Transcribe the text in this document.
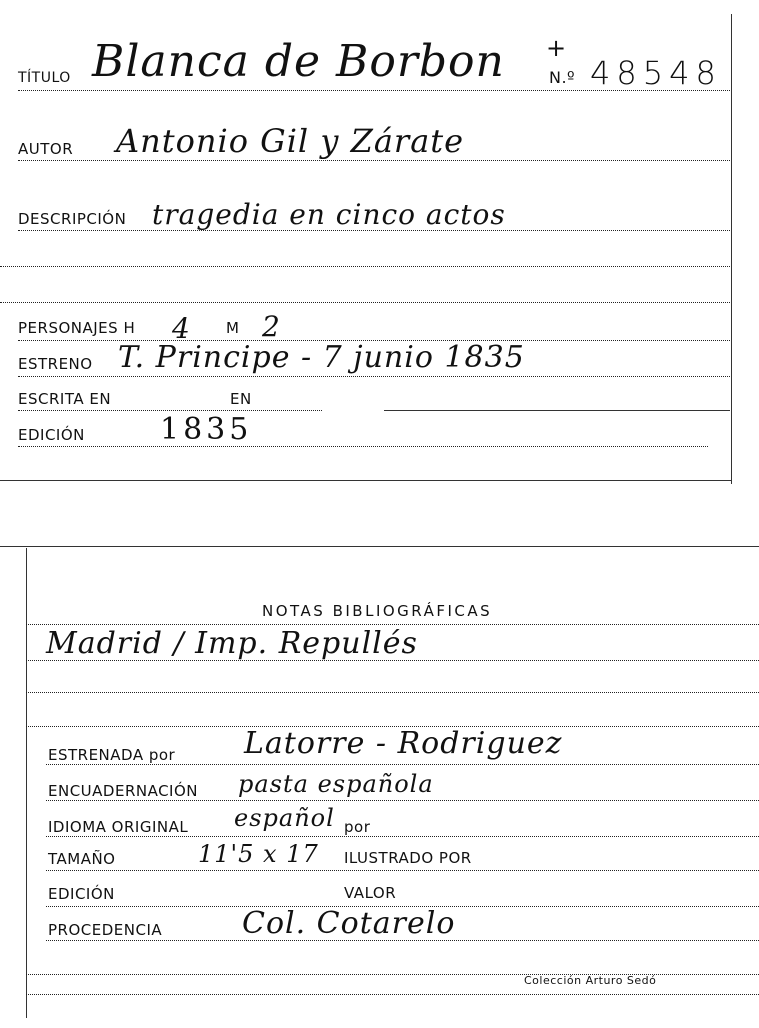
TÍTULO Blanca de Borbon +
N.º 48548
AUTOR Antonio Gil y Zárate
DESCRIPCIÓN tragedia en cinco actos
PERSONAJES H 4 M 2
ESTRENO T. Principe - 7 junio 1835
ESCRITA EN	EN
EDICIÓN	1835
NOTAS BIBLIOGRÁFICAS
Madrid / Imp. Repullés
ESTRENADA por Latorre - Rodriguez
ENCUADERNACIÓN pasta española
IDIOMA ORIGINAL español por
TAMAÑO	11'5 x 17 ILUSTRADO POR
EDICIÓN	VALOR
PROCEDENCIA	Col. Cotarelo
Colección Arturo Sedó
